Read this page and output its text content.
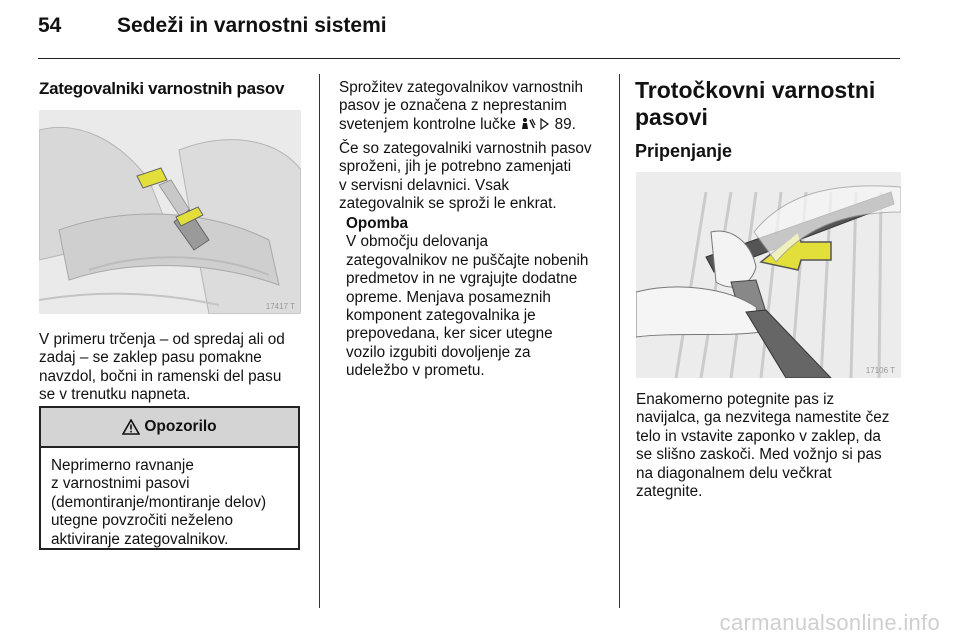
54	Sedeži in varnostni sistemi
Zategovalniki varnostnih pasov
17417 T

V primeru trčenja – od spredaj ali od

zadaj – se zaklep pasu pomakne

navzdol, bočni in ramenski del pasu

se v trenutku napneta.

Opozorilo
Neprimerno ravnanje
z varnostnimi pasovi
(demontiranje/montiranje delov)
utegne povzročiti neželeno
aktiviranje zategovalnikov.

Sprožitev zategovalnikov varnostnih

pasov je označena z neprestanim

svetenjem kontrolne lučke	89.

Če so zategovalniki varnostnih pasov

sproženi, jih je potrebno zamenjati

v servisni delavnici. Vsak

zategovalnik se sproži le enkrat.

Opomba

V območju delovanja

zategovalnikov ne puščajte nobenih

predmetov in ne vgrajujte dodatne

opreme. Menjava posameznih

komponent zategovalnika je

prepovedana, ker sicer utegne

vozilo izgubiti dovoljenje za

udeležbo v prometu.

Trotočkovni varnostni
pasovi
Pripenjanje
17106 T

Enakomerno potegnite pas iz

navijalca, ga nezvitega namestite čez

telo in vstavite zaponko v zaklep, da

se slišno zaskoči. Med vožnjo si pas

na diagonalnem delu večkrat

zategnite.

carmanualsonline.info
